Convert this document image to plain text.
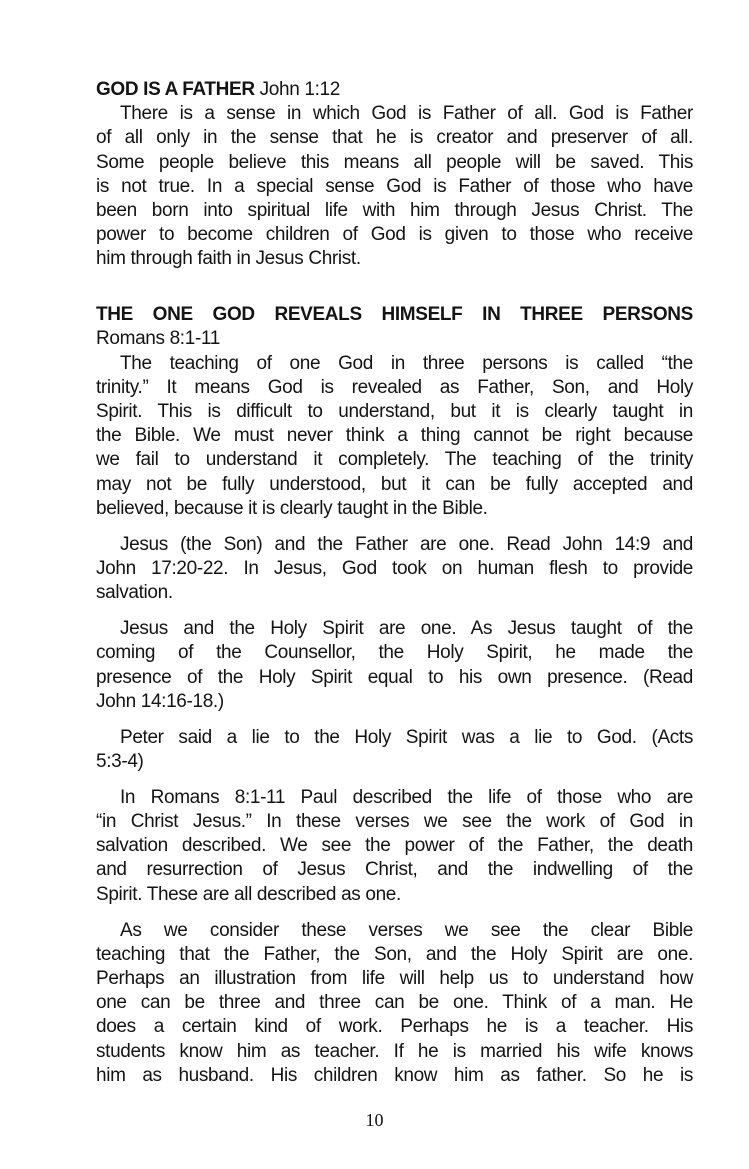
GOD IS A FATHER John 1:12
There is a sense in which God is Father of all. God is Father
of all only in the sense that he is creator and preserver of all.
Some people believe this means all people will be saved. This
is not true. In a special sense God is Father of those who have
been born into spiritual life with him through Jesus Christ. The
power to become children of God is given to those who receive
him through faith in Jesus Christ.
THE ONE GOD REVEALS HIMSELF IN THREE PERSONS
Romans 8:1-11
The teaching of one God in three persons is called “the
trinity.” It means God is revealed as Father, Son, and Holy
Spirit. This is difficult to understand, but it is clearly taught in
the Bible. We must never think a thing cannot be right because
we fail to understand it completely. The teaching of the trinity
may not be fully understood, but it can be fully accepted and
believed, because it is clearly taught in the Bible.
Jesus (the Son) and the Father are one. Read John 14:9 and
John 17:20-22. In Jesus, God took on human flesh to provide
salvation.
Jesus and the Holy Spirit are one. As Jesus taught of the
coming of the Counsellor, the Holy Spirit, he made the
presence of the Holy Spirit equal to his own presence. (Read
John 14:16-18.)
Peter said a lie to the Holy Spirit was a lie to God. (Acts
5:3-4)
In Romans 8:1-11 Paul described the life of those who are
“in Christ Jesus.” In these verses we see the work of God in
salvation described. We see the power of the Father, the death
and resurrection of Jesus Christ, and the indwelling of the
Spirit. These are all described as one.
As we consider these verses we see the clear Bible
teaching that the Father, the Son, and the Holy Spirit are one.
Perhaps an illustration from life will help us to understand how
one can be three and three can be one. Think of a man. He
does a certain kind of work. Perhaps he is a teacher. His
students know him as teacher. If he is married his wife knows
him as husband. His children know him as father. So he is
10
